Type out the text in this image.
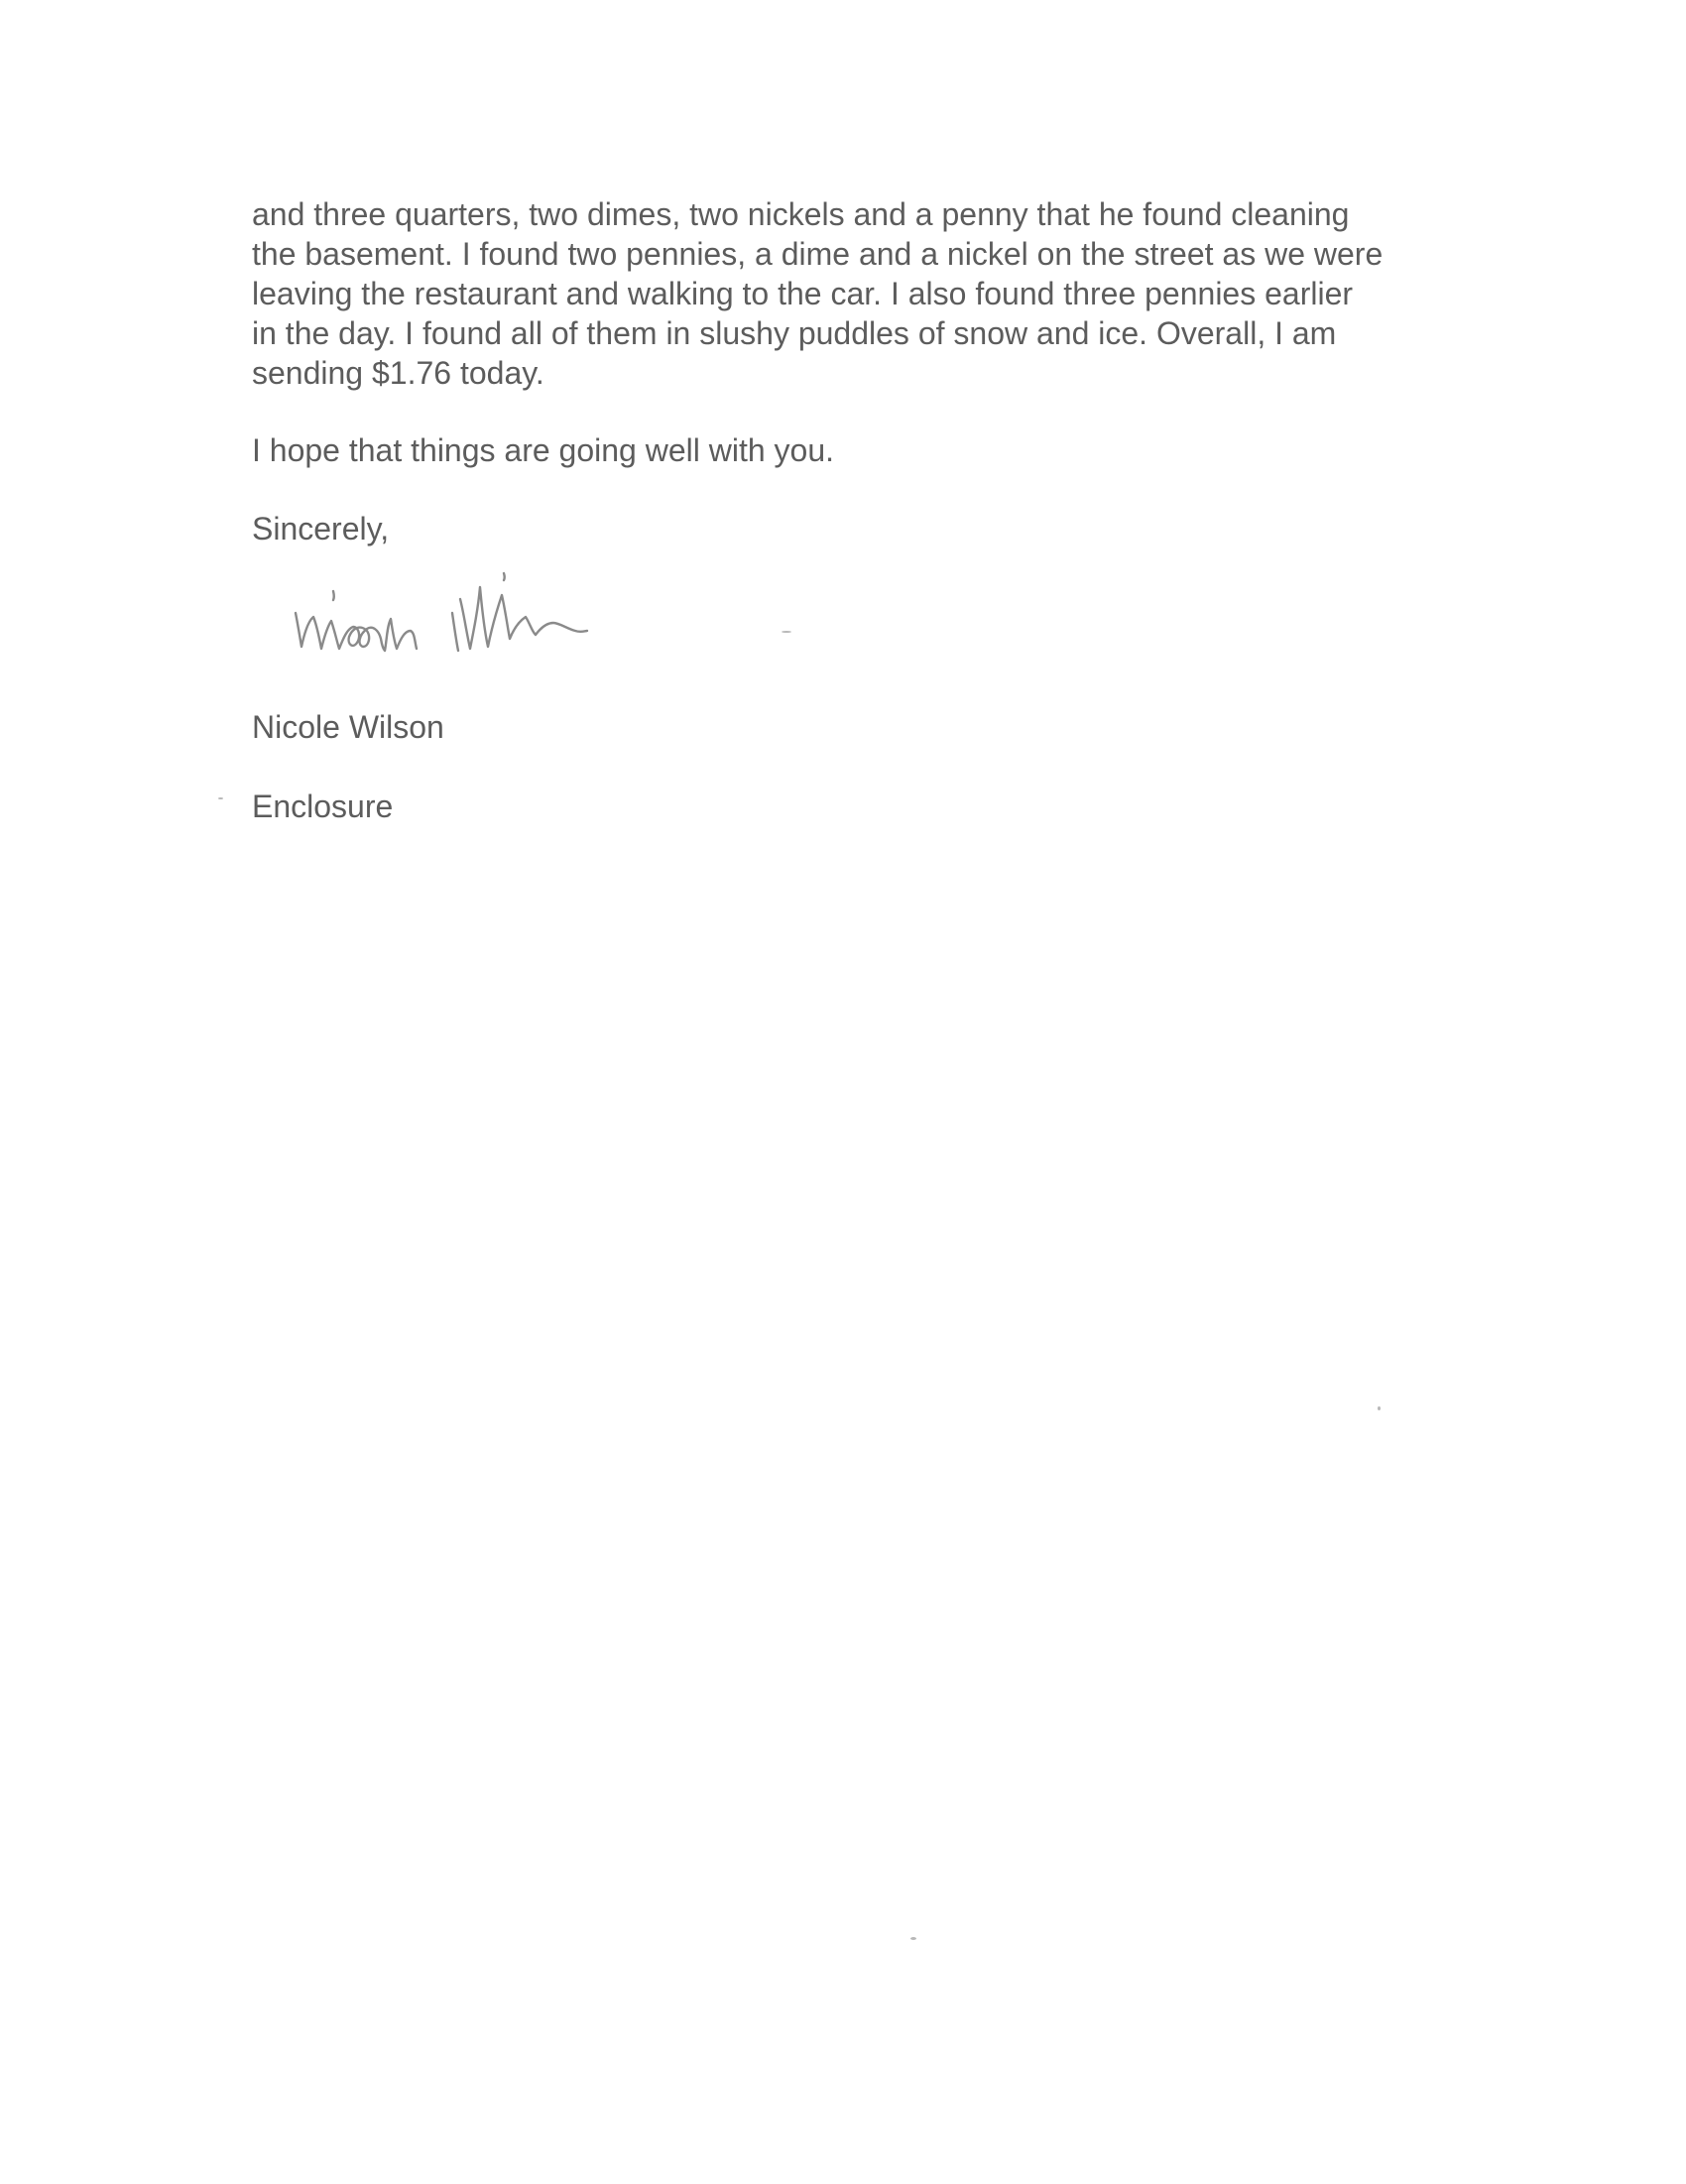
and three quarters, two dimes, two nickels and a penny that he found cleaning
the basement. I found two pennies, a dime and a nickel on the street as we were
leaving the restaurant and walking to the car. I also found three pennies earlier
in the day. I found all of them in slushy puddles of snow and ice. Overall, I am
sending $1.76 today.

I hope that things are going well with you.

Sincerely,

Nicole Wilson

Enclosure
